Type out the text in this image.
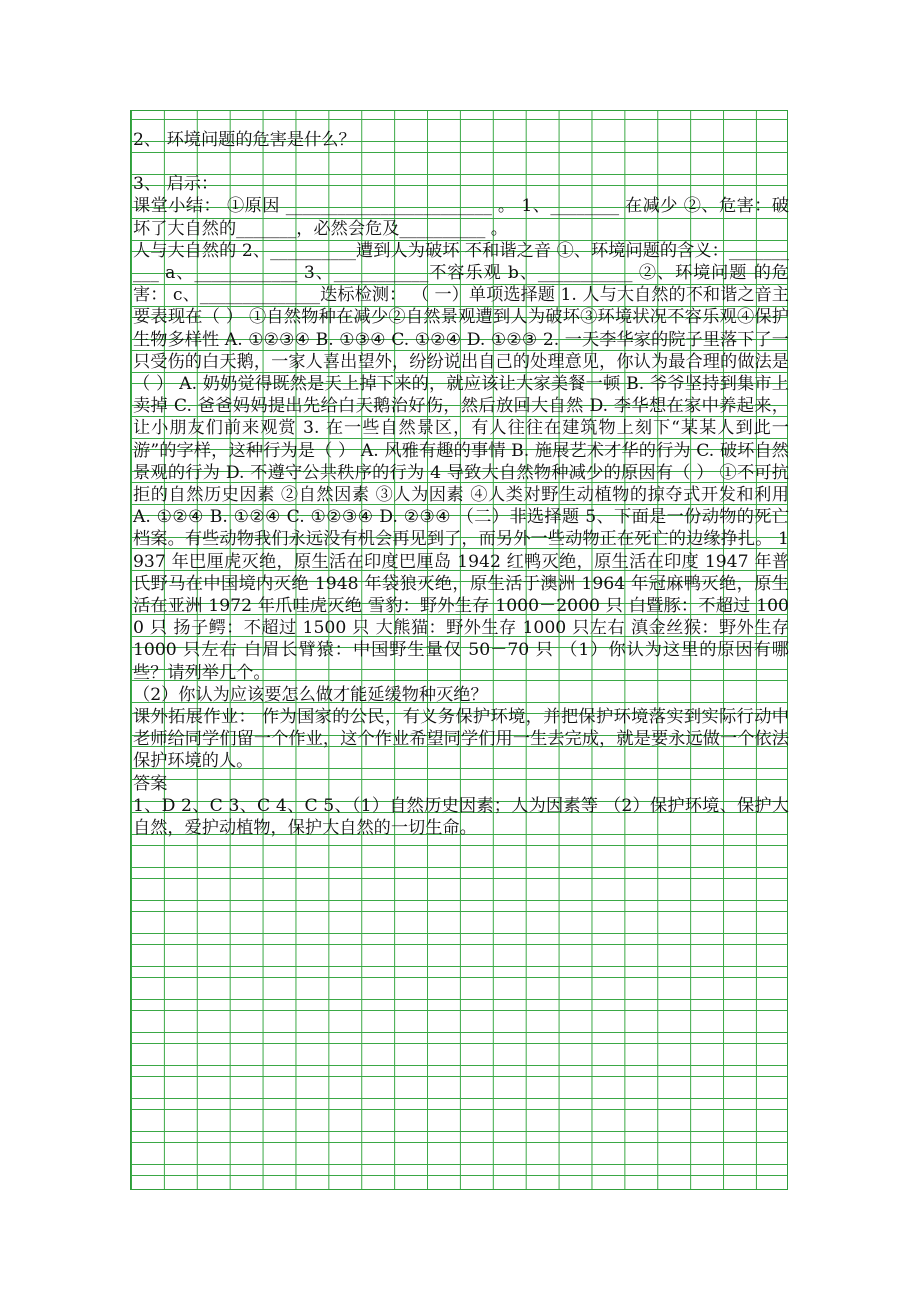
2、 环境问题的危害是什么？

3、 启示：

课堂小结： ①原因 ________________________ 。 1、________ 在减少 ②、危害：破坏了大自然的_______，必然会危及__________ 。

人与大自然的 2、__________遭到人为破坏 不和谐之音 ①、环境问题的含义：__________ a、____________ 3、___________不容乐观 b、___________ ②、环境问题 的危害： c、______________迭标检测： （ 一）单项选择题 1. 人与大自然的不和谐之音主要表现在（ ） ①自然物种在减少②自然景观遭到人为破坏③环境状况不容乐观④保护生物多样性 A. ①②③④ B. ①③④ C. ①②④ D. ①②③ 2. 一天李华家的院子里落下了一只受伤的白天鹅，一家人喜出望外，纷纷说出自己的处理意见，你认为最合理的做法是（ ） A. 奶奶觉得既然是天上掉下来的，就应该让大家美餐一顿 B. 爷爷坚持到集市上卖掉 C. 爸爸妈妈提出先给白天鹅治好伤，然后放回大自然 D. 李华想在家中养起来，让小朋友们前来观赏 3. 在一些自然景区，有人往往在建筑物上刻下“某某人到此一游”的字样，这种行为是（ ） A. 风雅有趣的事情 B. 施展艺术才华的行为 C. 破坏自然景观的行为 D. 不遵守公共秩序的行为 4 导致大自然物种减少的原因有（ ） ①不可抗拒的自然历史因素 ②自然因素 ③人为因素 ④人类对野生动植物的掠夺式开发和利用 A. ①②④ B. ①②④ C. ①②③④ D. ②③④ （二）非选择题 5、下面是一份动物的死亡档案。有些动物我们永远没有机会再见到了，而另外一些动物正在死亡的边缘挣扎。 1937 年巴厘虎灭绝，原生活在印度巴厘岛 1942 红鸭灭绝，原生活在印度 1947 年普氏野马在中国境内灭绝 1948 年袋狼灭绝，原生活于澳洲 1964 年冠麻鸭灭绝，原生活在亚洲 1972 年爪哇虎灭绝 雪豹：野外生存 1000－2000 只 白暨豚：不超过 1000 只 扬子鳄：不超过 1500 只 大熊猫：野外生存 1000 只左右 滇金丝猴：野外生存 1000 只左右 白眉长臂猿：中国野生量仅 50－70 只 （1）你认为这里的原因有哪些？请列举几个。

（2）你认为应该要怎么做才能延缓物种灭绝？

课外拓展作业： 作为国家的公民，有义务保护环境，并把保护环境落实到实际行动中老师给同学们留一个作业，这个作业希望同学们用一生去完成，就是要永远做一个依法保护环境的人。

答案

1、D 2、C 3、C 4、C 5、（1）自然历史因素；人为因素等 （2）保护环境、保护大自然，爱护动植物，保护大自然的一切生命。
